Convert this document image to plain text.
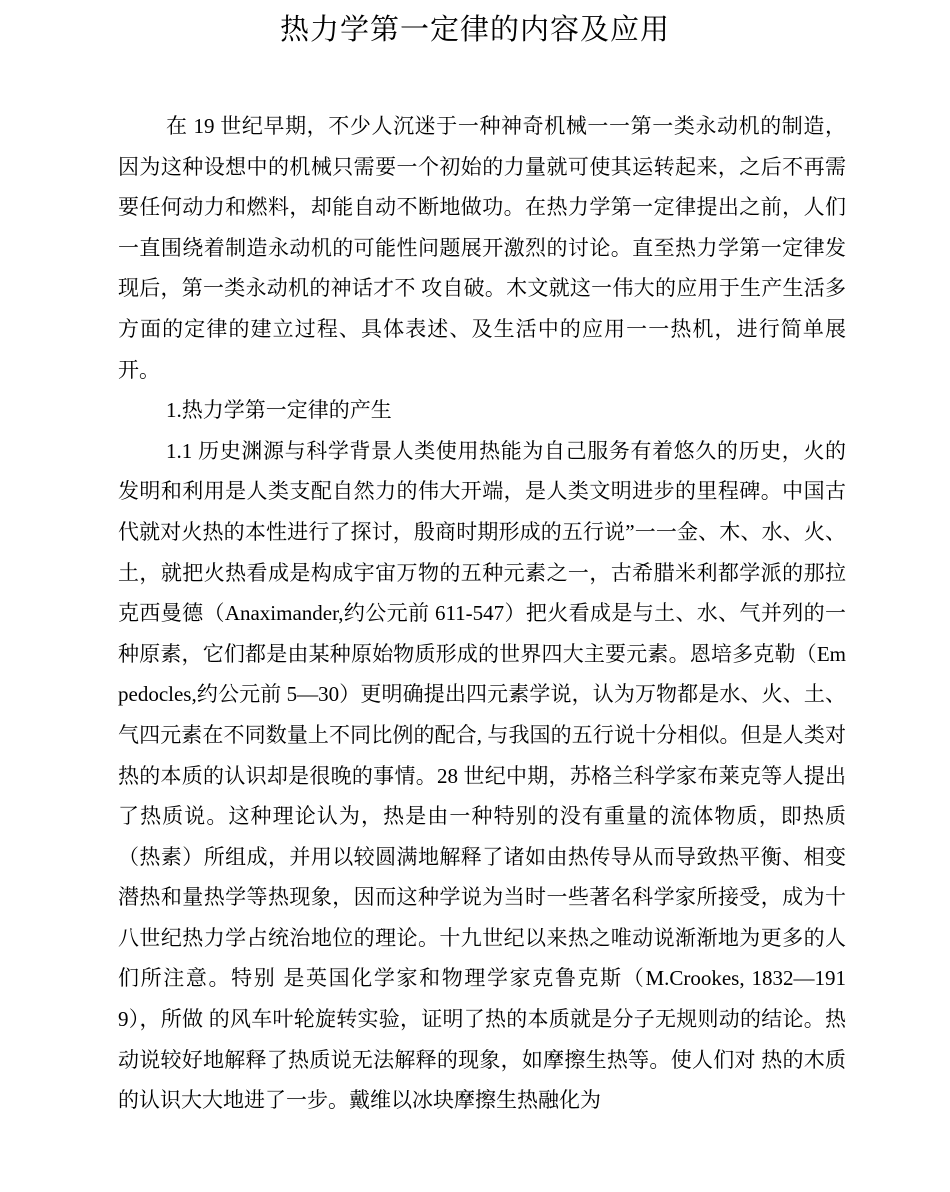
热力学第一定律的内容及应用

在 19 世纪早期，不少人沉迷于一种神奇机械一一第一类永动机的制造，因为这种设想中的机械只需要一个初始的力量就可使其运转起来，之后不再需要任何动力和燃料，却能自动不断地做功。在热力学第一定律提出之前，人们一直围绕着制造永动机的可能性问题展开激烈的讨论。直至热力学第一定律发现后，第一类永动机的神话才不 攻自破。木文就这一伟大的应用于生产生活多方面的定律的建立过程、具体表述、及生活中的应用一一热机，进行简单展开。

1.热力学第一定律的产生

1.1 历史渊源与科学背景人类使用热能为自己服务有着悠久的历史，火的发明和利用是人类支配自然力的伟大开端，是人类文明进步的里程碑。中国古代就对火热的本性进行了探讨，殷商时期形成的五行说”一一金、木、水、火、土，就把火热看成是构成宇宙万物的五种元素之一，古希腊米利都学派的那拉克西曼德（Anaximander,约公元前 611-547）把火看成是与土、水、气并列的一种原素，它们都是由某种原始物质形成的世界四大主要元素。恩培多克勒（Empedocles,约公元前 5—30）更明确提出四元素学说，认为万物都是水、火、土、气四元素在不同数量上不同比例的配合, 与我国的五行说十分相似。但是人类对热的本质的认识却是很晚的事情。28 世纪中期，苏格兰科学家布莱克等人提出了热质说。这种理论认为，热是由一种特别的没有重量的流体物质，即热质（热素）所组成，并用以较圆满地解释了诸如由热传导从而导致热平衡、相变潜热和量热学等热现象，因而这种学说为当时一些著名科学家所接受，成为十八世纪热力学占统治地位的理论。十九世纪以来热之唯动说渐渐地为更多的人们所注意。特别 是英国化学家和物理学家克鲁克斯（M.Crookes, 1832—1919），所做 的风车叶轮旋转实验，证明了热的本质就是分子无规则动的结论。热 动说较好地解释了热质说无法解释的现象，如摩擦生热等。使人们对 热的木质的认识大大地进了一步。戴维以冰块摩擦生热融化为
